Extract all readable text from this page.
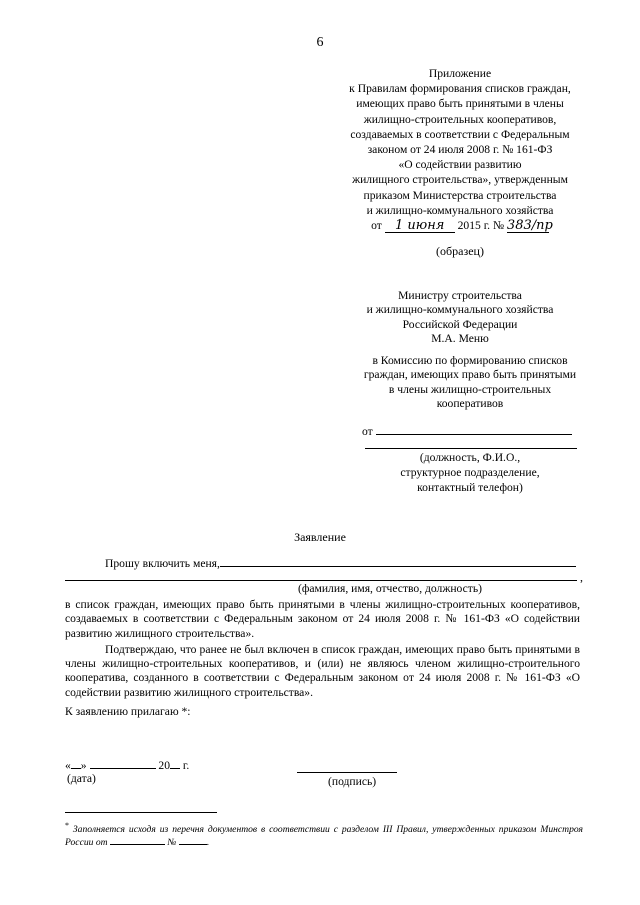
6
Приложение
к Правилам формирования списков граждан,
имеющих право быть принятыми в члены
жилищно-строительных кооперативов,
создаваемых в соответствии с Федеральным
законом от 24 июля 2008 г. № 161-ФЗ
«О содействии развитию
жилищного строительства», утвержденным
приказом Министерства строительства
и жилищно-коммунального хозяйства
от 1 июня 2015 г. № 383/пр
(образец)
Министру строительства
и жилищно-коммунального хозяйства
Российской Федерации
М.А. Меню
в Комиссию по формированию списков
граждан, имеющих право быть принятыми
в члены жилищно-строительных
кооперативов
от
(должность, Ф.И.О.,
структурное подразделение,
контактный телефон)
Заявление
Прошу включить меня,
,
(фамилия, имя, отчество, должность)

в список граждан, имеющих право быть принятыми в члены жилищно-строительных кооперативов, создаваемых в соответствии с Федеральным законом от 24 июля 2008 г. № 161-ФЗ «О содействии развитию жилищного строительства».

Подтверждаю, что ранее не был включен в список граждан, имеющих право быть принятыми в члены жилищно-строительных кооперативов, и (или) не являюсь членом жилищно-строительного кооператива, созданного в соответствии с Федеральным законом от 24 июля 2008 г. № 161-ФЗ «О содействии развитию жилищного строительства».

К заявлению прилагаю *:
« »	20 г.
(дата)	(подпись)
* Заполняется исходя из перечня документов в соответствии с разделом III Правил, утвержденных приказом Минстроя России от	№	.
